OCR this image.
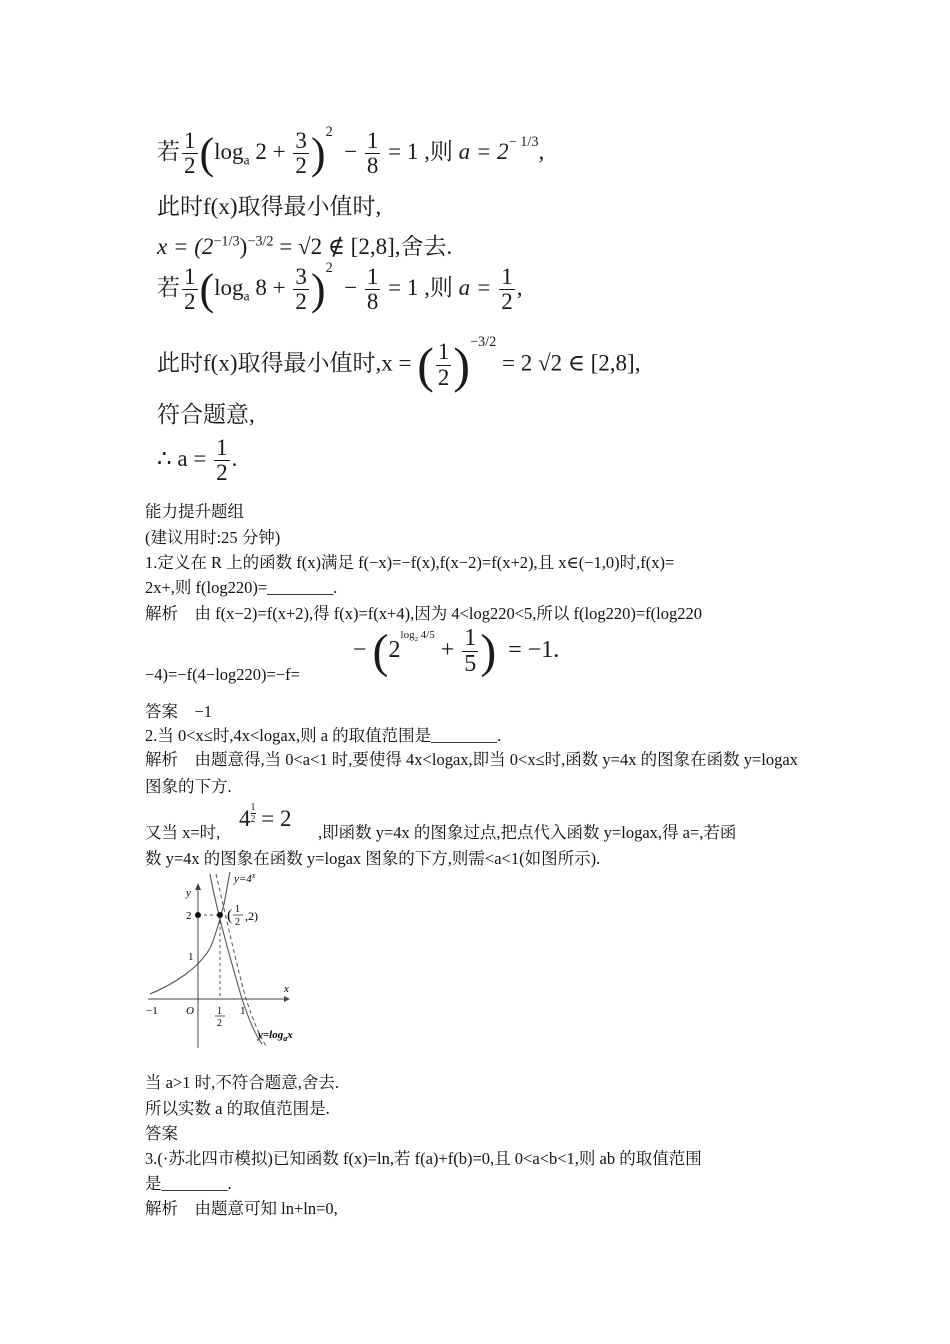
若 $\frac{1}{2} (\log_a$ $2 + \frac{3}{2} )^2 - \frac{1}{8} = 1$ ,则 $a = 2^{- 1/3}$,
此时f(x)取得最小值时,
$x = (2^{-1/3})^{-3/2} = √2$ ∉ [2,8],舍去.
若 $\frac{1}{2} (\log_a$ $8 + \frac{3}{2} )^2 - \frac{1}{8} = 1$ ,则 $a = \frac{1}{2}$ ,
此时f(x)取得最小值时,x = ( $\frac{1}{2} )^{-3/2} = 2$ √2 ∈ [2,8],
符合题意,
∴ $a = \frac{1}{2}$ .
能力提升题组
(建议用时:25 分钟)
1.定义在 R 上的函数 f(x)满足 f(−x)=−f(x),f(x−2)=f(x+2),且 x∈(−1,0)时,f(x)=
2x+,则 f(log220)=________.
解析　由 f(x−2)=f(x+2),得 f(x)=f(x+4),因为 4<log220<5,所以 f(log220)=f(log220
−4)=−f(4−log220)=−f=
− ($2^{log_2 4/5} + \frac{1}{5}$ ) = −1.
答案　−1
2.当 0<x≤时,4x<logax,则 a 的取值范围是________.
解析　由题意得,当 0<a<1 时,要使得 4x<logax,即当 0<x≤时,函数 y=4x 的图象在函数 y=logax 图象的下方.
又当 x=时,
$4 \frac{1}{2} = 2$
,即函数 y=4x 的图象过点,把点代入函数 y=logax,得 a=,若函
数 y=4x 的图象在函数 y=logax 图象的下方,则需<a<1(如图所示).
$y=4^x$
$y=\log_ax$
x
y
−1	O	1
1
2
1
2
( 1
2 ,2)
当 a>1 时,不符合题意,舍去.
所以实数 a 的取值范围是.
答案
3.(·苏北四市模拟)已知函数 f(x)=ln,若 f(a)+f(b)=0,且 0<a<b<1,则 ab 的取值范围
是________.
解析　由题意可知 ln+ln=0,
